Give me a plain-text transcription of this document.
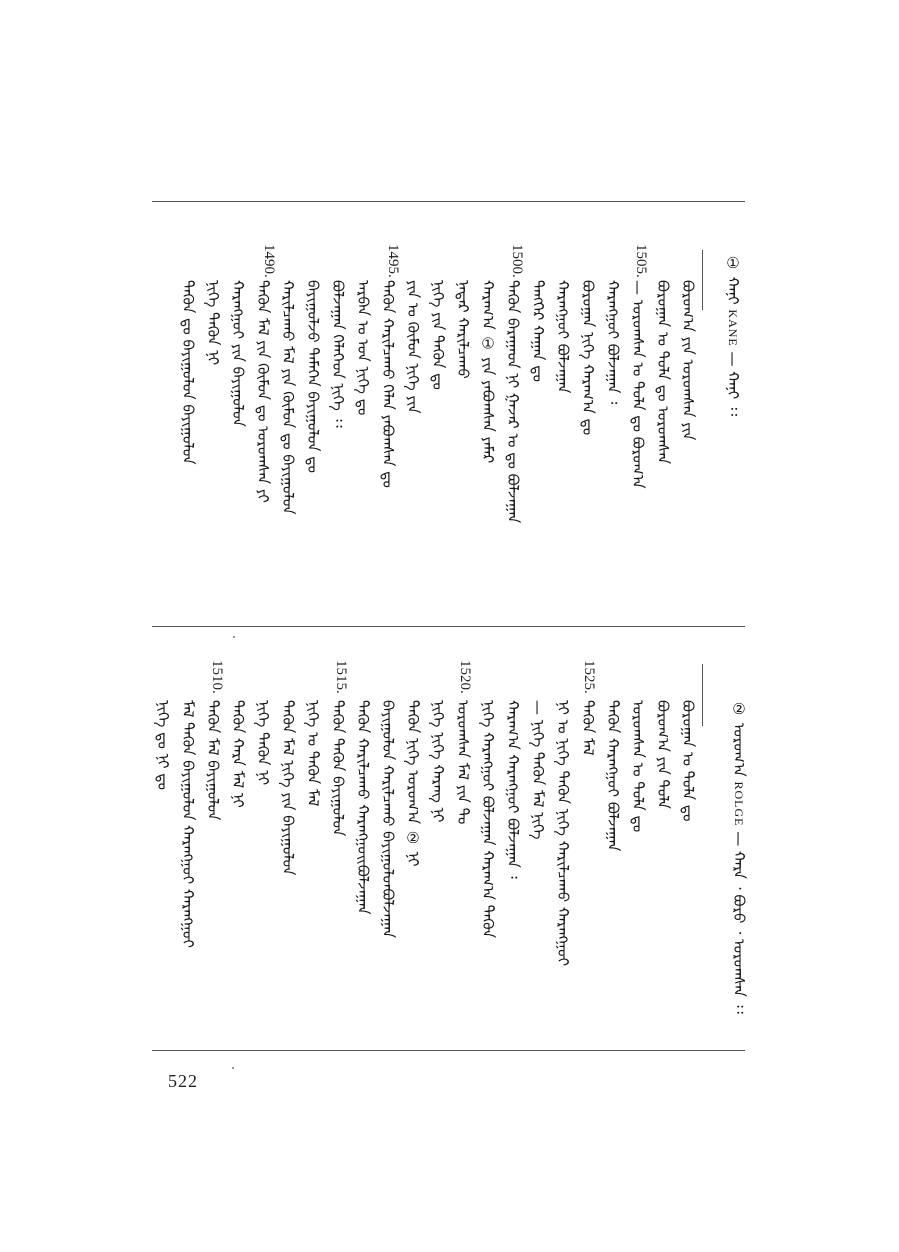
① ᠬᠠᠨᠢ KANE — ᠬᠠᠨᠢ ᠄᠄
1505.
1500.
1495.
1490.
ᠪᠣᠷᠣᠭ᠎ᠠ ᠶᠢᠨ ᠣᠷᠣᠭᠰᠠᠨ ᠶᠢᠨ
ᠪᠣᠷᠣᠭᠠᠨ ᠤ ᠲᠤᠯᠠ ᠳᠤ ᠣᠷᠣᠭᠰᠠᠨ
— ᠣᠷᠣᠭᠰᠠᠨ ᠤ ᠲᠤᠯᠠ ᠳᠤ ᠪᠣᠷᠣᠭ᠎ᠠ
ᠬᠠᠷᠠᠩᠭᠤᠢ ᠪᠣᠯᠵᠠᠭᠠᠨ ᠄
ᠪᠣᠷᠣᠭᠠᠨ ᠨᠢᠭᠡ ᠬᠠᠷᠠᠭ᠎ᠠ ᠳᠤ
ᠬᠠᠷᠠᠩᠭᠤᠢ ᠪᠣᠯᠵᠠᠭᠠᠨ
ᠲᠡᠩᠭᠡᠷ ᠬᠠᠭᠠᠨ ᠳᠤ
ᠲᠡᠭᠦᠨ ᠪᠠᠷᠠᠭᠠᠳ ᠨᠢ ᠭᠠᠵᠠᠷ ᠤ ᠳᠤ ᠪᠣᠯᠵᠠᠭᠠᠨ
ᠬᠠᠷᠠᠭ᠎ᠠ ① ᠶᠢᠨ ᠶᠠᠪᠤᠭᠰᠠᠨ ᠶᠠᠮᠠᠷ
ᠨᠠᠳᠠᠷ ᠬᠠᠷᠢᠯᠴᠠᠬᠤ
ᠨᠢᠭᠡ ᠶᠢᠨ ᠲᠡᠭᠦᠨ ᠳᠤ
ᠶᠢᠨ ᠤ ᠬᠦᠮᠦᠨ ᠨᠢᠭᠡ ᠶᠢᠨ
ᠲᠡᠭᠦᠨ ᠬᠠᠷᠢᠯᠴᠠᠬᠤ ᠬᠡᠯᠡᠨ ᠶᠠᠪᠤᠭᠰᠠᠨ ᠳᠤ
ᠠᠷᠪᠠᠨ ᠤ ᠣᠨ ᠨᠢᠭᠡ ᠳᠤ
ᠪᠣᠯᠵᠠᠭᠠᠨ ᠬᠡᠯᠡᠭᠡᠳ ᠨᠢᠭᠡ ᠄᠄
ᠪᠠᠶᠢᠭᠤᠯᠵᠤ ᠲᠡᠮᠡᠭᠡᠨ ᠪᠠᠶᠢᠭᠤᠯᠤᠨ ᠳᠤ
ᠬᠠᠷᠢᠯᠴᠠᠬᠤ ᠮᠠᠯ ᠶᠢᠨ ᠬᠦᠮᠦᠨ ᠳᠤ ᠪᠠᠶᠢᠭᠤᠯᠤᠨ
ᠲᠡᠭᠦᠨ ᠮᠠᠯ ᠶᠢᠨ ᠬᠦᠮᠦᠨ ᠳᠤ ᠣᠷᠣᠭᠰᠠᠨ ᠶᠢ
ᠬᠠᠷᠠᠩᠭᠤᠢ ᠶᠢᠨ ᠪᠠᠶᠢᠭᠤᠯᠤᠨ
ᠨᠢᠭᠡ ᠲᠡᠭᠦᠨ ᠨᠢ
ᠲᠡᠭᠦᠨ ᠳᠤ ᠪᠠᠶᠢᠭᠤᠯᠤᠨ ᠪᠠᠶᠢᠭᠤᠯᠤᠨ
② ᠣᠷᠣᠭ᠎ᠠ ROLGE — ᠬᠠᠷᠠ ᠂ ᠪᠣᠷᠣ ᠂ ᠣᠷᠣᠭᠰᠠᠨ ᠄᠄
1525.
1520.
1515.
1510.
ᠪᠣᠷᠣᠭᠠᠨ ᠤ ᠲᠤᠯᠠ ᠳᠤ
ᠪᠣᠷᠣᠭ᠎ᠠ ᠶᠢᠨ ᠲᠤᠯᠠ
ᠣᠷᠣᠭᠰᠠᠨ ᠤ ᠲᠤᠯᠠ ᠳᠤ
ᠲᠡᠭᠦᠨ ᠬᠠᠷᠠᠩᠭᠤᠢ ᠪᠣᠯᠵᠠᠭᠠᠨ
ᠲᠡᠭᠦᠨ ᠮᠠᠯ
ᠨᠢ ᠤ ᠨᠢᠭᠡ ᠲᠡᠭᠦᠨ ᠨᠢᠭᠡ ᠬᠠᠷᠢᠯᠴᠠᠬᠤ ᠬᠠᠷᠠᠩᠭᠤᠢ
— ᠨᠢᠭᠡ ᠲᠡᠭᠦᠨ ᠮᠠᠯ ᠨᠢᠭᠡ
ᠬᠠᠷᠠᠭ᠎ᠠ ᠬᠠᠷᠠᠩᠭᠤᠢ ᠪᠣᠯᠵᠠᠭᠠᠨ ᠄
ᠨᠢᠭᠡ ᠬᠠᠷᠠᠩᠭᠤᠢ ᠪᠣᠯᠵᠠᠭᠠᠨ ᠬᠠᠷᠠᠭ᠎ᠠ ᠲᠡᠭᠦᠨ
ᠣᠷᠣᠭᠰᠠᠨ ᠮᠠᠯ ᠶᠢᠨ ᠲᠤ
ᠨᠢᠭᠡ ᠨᠢᠭᠡ ᠬᠠᠷᠠᠩ ᠨᠢ
ᠲᠡᠭᠦᠨ ᠨᠢᠭᠡ ᠣᠷᠣᠭ᠎ᠠ ② ᠨᠢ
ᠪᠠᠶᠢᠭᠤᠯᠤᠨ ᠬᠠᠷᠢᠯᠴᠠᠬᠤ ᠪᠠᠶᠢᠭᠤᠯᠤᠨᠪᠣᠯᠵᠠᠭᠠᠨ
ᠲᠡᠭᠦᠨ ᠬᠠᠷᠢᠯᠴᠠᠬᠤ ᠬᠠᠷᠠᠩᠭᠤᠢᠪᠣᠯᠵᠠᠭᠠᠨ
ᠲᠡᠭᠦᠨ ᠲᠡᠭᠦᠨ ᠪᠠᠶᠢᠭᠤᠯᠤᠨ
ᠨᠢᠭᠡ ᠤ ᠲᠡᠭᠦᠨ ᠮᠠᠯ
ᠲᠡᠭᠦᠨ ᠮᠠᠯ ᠨᠢᠭᠡ ᠶᠢᠨ ᠪᠠᠶᠢᠭᠤᠯᠤᠨ
ᠨᠢᠭᠡ ᠲᠡᠭᠦᠨ ᠨᠢ
ᠲᠡᠭᠦᠨ ᠬᠠᠷᠠ ᠮᠠᠯ ᠨᠢ
ᠲᠡᠭᠦᠨ ᠮᠠᠯ ᠪᠠᠶᠢᠭᠤᠯᠤᠨ
ᠮᠠᠯ ᠲᠡᠭᠦᠨ ᠪᠠᠶᠢᠭᠤᠯᠤᠨ ᠬᠠᠷᠠᠩᠭᠤᠢ ᠬᠠᠷᠠᠩᠭᠤᠢ
ᠨᠢᠭᠡ ᠳᠤ ᠨᠢ ᠳᠤ
522
